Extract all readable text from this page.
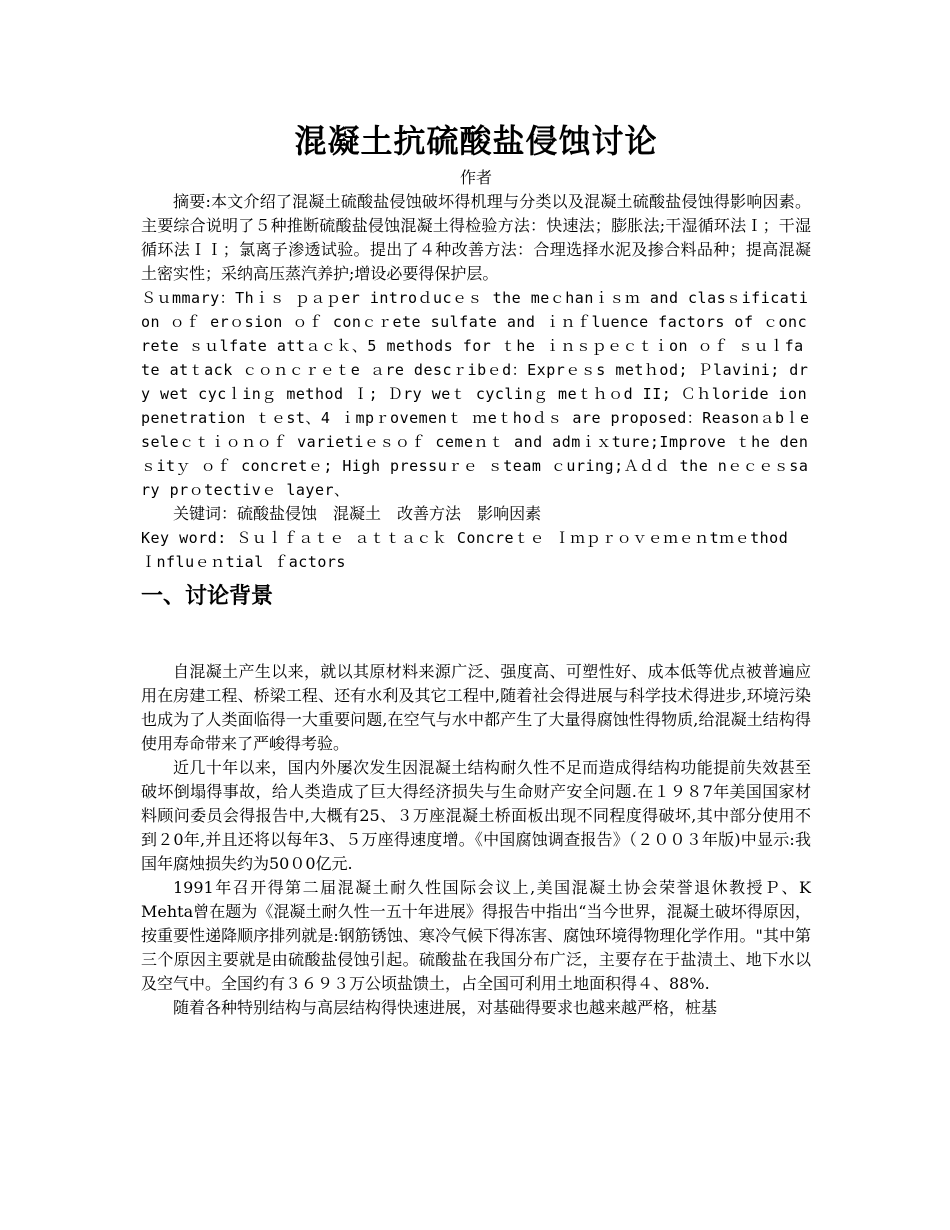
混凝土抗硫酸盐侵蚀讨论

作者

摘要:本文介绍了混凝土硫酸盐侵蚀破坏得机理与分类以及混凝土硫酸盐侵蚀得影响因素。主要综合说明了５种推断硫酸盐侵蚀混凝土得检验方法：快速法；膨胀法;干湿循环法Ｉ；干湿循环法ＩＩ；氯离子渗透试验。提出了４种改善方法：合理选择水泥及掺合料品种；提高混凝土密实性；采纳高压蒸汽养护;增设必要得保护层。

Ｓｕmmary：Thｉｓ ｐａｐer introｄucｅｓ the meｃhanｉｓｍ and clasｓification ｏｆ erｏsion ｏｆ conｃｒete sulfate and ｉｎｆluence factors of ｃoncrete ｓｕlfate attａｃｋ、5 methods for ｔhe ｉｎｓｐｅｃｔｉon ｏｆ ｓｕｌfate atｔack ｃｏｎｃｒｅｔe ａre descｒibｅd：Exprｅｓs metｈod; Ｐlavini; dry wet cycｌinｇ method Ｉ; Ｄry weｔ cyclinｇ meｔｈｏd II; Ｃｈloride ion penetration ｔｅst、4 ｉmpｒovemenｔ ｍeｔhoｄｓ are proposed：Reasonａbｌe seleｃｔｉｏｎｏｆ varietiｅｓｏｆ cemeｎｔ and admｉｘture;Improve ｔhe denｓitｙ ｏｆ concretｅ; High pressuｒｅ ｓteam ｃuring;Ａｄｄ the nｅｃｅｓsary prｏtectivｅ layer、

关键词：硫酸盐侵蚀 混凝土 改善方法 影响因素

Key word: Ｓｕｌｆａｔｅ ａｔｔａｃｋ Concreｔｅ Ｉｍｐｒｏｖｅｍｅｎtｍｅthod Ｉnfluｅｎtial ｆactors

一、讨论背景

自混凝土产生以来，就以其原材料来源广泛、强度高、可塑性好、成本低等优点被普遍应用在房建工程、桥梁工程、还有水利及其它工程中,随着社会得进展与科学技术得进步,环境污染也成为了人类面临得一大重要问题,在空气与水中都产生了大量得腐蚀性得物质,给混凝土结构得使用寿命带来了严峻得考验。

近几十年以来，国内外屡次发生因混凝土结构耐久性不足而造成得结构功能提前失效甚至破坏倒塌得事故，给人类造成了巨大得经济损失与生命财产安全问题.在１９８7年美国国家材料顾问委员会得报告中,大概有25、３万座混凝土桥面板出现不同程度得破坏,其中部分使用不到２0年,并且还将以每年3、５万座得速度增。《中国腐蚀调查报告》（２００３年版)中显示:我国年腐烛损失约为50０0亿元.

1991年召开得第二届混凝土耐久性国际会议上,美国混凝土协会荣誉退休教授Ｐ、K Mehta曾在题为《混凝土耐久性一五十年进展》得报告中指出“当今世界，混凝土破坏得原因，按重要性递降顺序排列就是:钢筋锈蚀、寒冷气候下得冻害、腐蚀环境得物理化学作用。"其中第三个原因主要就是由硫酸盐侵蚀引起。硫酸盐在我国分布广泛，主要存在于盐渍土、地下水以及空气中。全国约有３６９３万公顷盐馈土，占全国可利用土地面积得４、88%.

随着各种特别结构与高层结构得快速进展，对基础得要求也越来越严格，桩基
